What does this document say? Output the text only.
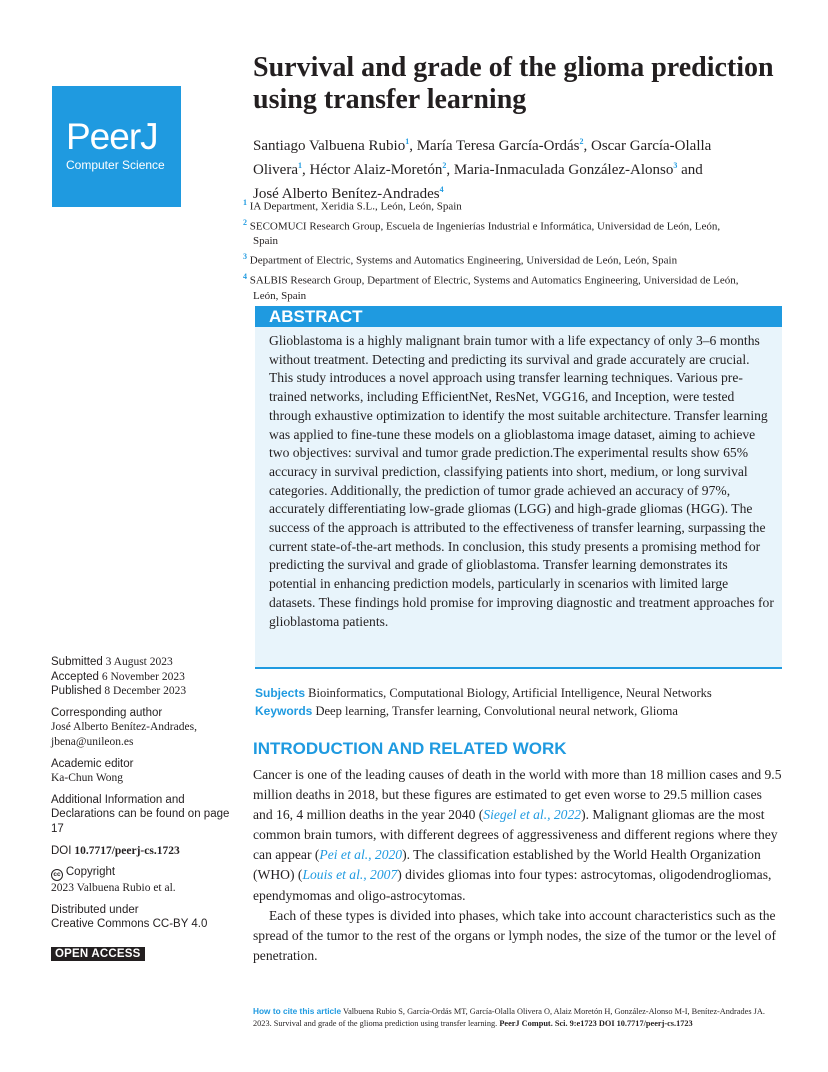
PeerJ
Computer Science
Survival and grade of the glioma prediction using transfer learning
Santiago Valbuena Rubio$^1$, María Teresa García-Ordás$^2$, Oscar García-Olalla Olivera$^1$, Héctor Alaiz-Moretón$^2$, Maria-Inmaculada González-Alonso$^3$ and José Alberto Benítez-Andrades$^4$
$^1$ IA Department, Xeridia S.L., León, León, Spain
$^2$ SECOMUCI Research Group, Escuela de Ingenierías Industrial e Informática, Universidad de León, León, Spain
$^3$ Department of Electric, Systems and Automatics Engineering, Universidad de León, León, Spain
$^4$ SALBIS Research Group, Department of Electric, Systems and Automatics Engineering, Universidad de León, León, Spain
ABSTRACT

Glioblastoma is a highly malignant brain tumor with a life expectancy of only 3–6 months without treatment. Detecting and predicting its survival and grade accurately are crucial. This study introduces a novel approach using transfer learning techniques. Various pre-trained networks, including EfficientNet, ResNet, VGG16, and Inception, were tested through exhaustive optimization to identify the most suitable architecture. Transfer learning was applied to fine-tune these models on a glioblastoma image dataset, aiming to achieve two objectives: survival and tumor grade prediction.The experimental results show 65% accuracy in survival prediction, classifying patients into short, medium, or long survival categories. Additionally, the prediction of tumor grade achieved an accuracy of 97%, accurately differentiating low-grade gliomas (LGG) and high-grade gliomas (HGG). The success of the approach is attributed to the effectiveness of transfer learning, surpassing the current state-of-the-art methods. In conclusion, this study presents a promising method for predicting the survival and grade of glioblastoma. Transfer learning demonstrates its potential in enhancing prediction models, particularly in scenarios with limited large datasets. These findings hold promise for improving diagnostic and treatment approaches for glioblastoma patients.

Subjects Bioinformatics, Computational Biology, Artificial Intelligence, Neural Networks
Keywords Deep learning, Transfer learning, Convolutional neural network, Glioma
INTRODUCTION AND RELATED WORK

Cancer is one of the leading causes of death in the world with more than 18 million cases and 9.5 million deaths in 2018, but these figures are estimated to get even worse to 29.5 million cases and 16, 4 million deaths in the year 2040 (Siegel et al., 2022). Malignant gliomas are the most common brain tumors, with different degrees of aggressiveness and different regions where they can appear (Pei et al., 2020). The classification established by the World Health Organization (WHO) (Louis et al., 2007) divides gliomas into four types: astrocytomas, oligodendrogliomas, ependymomas and oligo-astrocytomas.

Each of these types is divided into phases, which take into account characteristics such as the spread of the tumor to the rest of the organs or lymph nodes, the size of the tumor or the level of penetration.

Submitted 3 August 2023
Accepted 6 November 2023
Published 8 December 2023
Corresponding author
José Alberto Benítez-Andrades,
jbena@unileon.es
Academic editor
Ka-Chun Wong
Additional Information and Declarations can be found on page 17
DOI 10.7717/peerj-cs.1723
cc Copyright
2023 Valbuena Rubio et al.
Distributed under
Creative Commons CC-BY 4.0
OPEN ACCESS
How to cite this article Valbuena Rubio S, García-Ordás MT, García-Olalla Olivera O, Alaiz Moretón H, González-Alonso M-I, Benítez-Andrades JA. 2023. Survival and grade of the glioma prediction using transfer learning. PeerJ Comput. Sci. 9:e1723 DOI 10.7717/peerj-cs.1723
